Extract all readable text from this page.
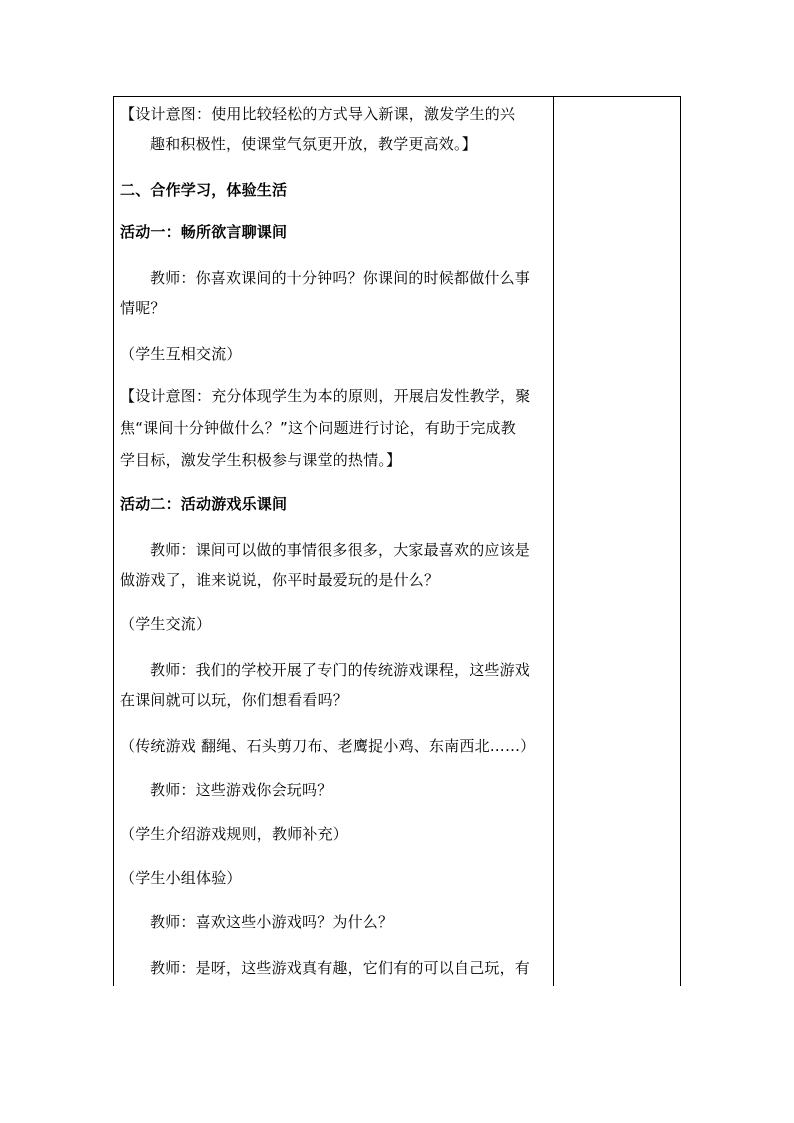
【设计意图：使用比较轻松的方式导入新课，激发学生的兴
趣和积极性，使课堂气氛更开放，教学更高效。】
二、合作学习，体验生活
活动一：畅所欲言聊课间
教师：你喜欢课间的十分钟吗？你课间的时候都做什么事
情呢？
（学生互相交流）
【设计意图：充分体现学生为本的原则，开展启发性教学，聚
焦“课间十分钟做什么？”这个问题进行讨论，有助于完成教
学目标，激发学生积极参与课堂的热情。】
活动二：活动游戏乐课间
教师：课间可以做的事情很多很多，大家最喜欢的应该是
做游戏了，谁来说说，你平时最爱玩的是什么？
（学生交流）
教师：我们的学校开展了专门的传统游戏课程，这些游戏
在课间就可以玩，你们想看看吗？
（传统游戏 翻绳、石头剪刀布、老鹰捉小鸡、东南西北……）
教师：这些游戏你会玩吗？
（学生介绍游戏规则，教师补充）
（学生小组体验）
教师：喜欢这些小游戏吗？为什么？
教师：是呀，这些游戏真有趣，它们有的可以自己玩，有
